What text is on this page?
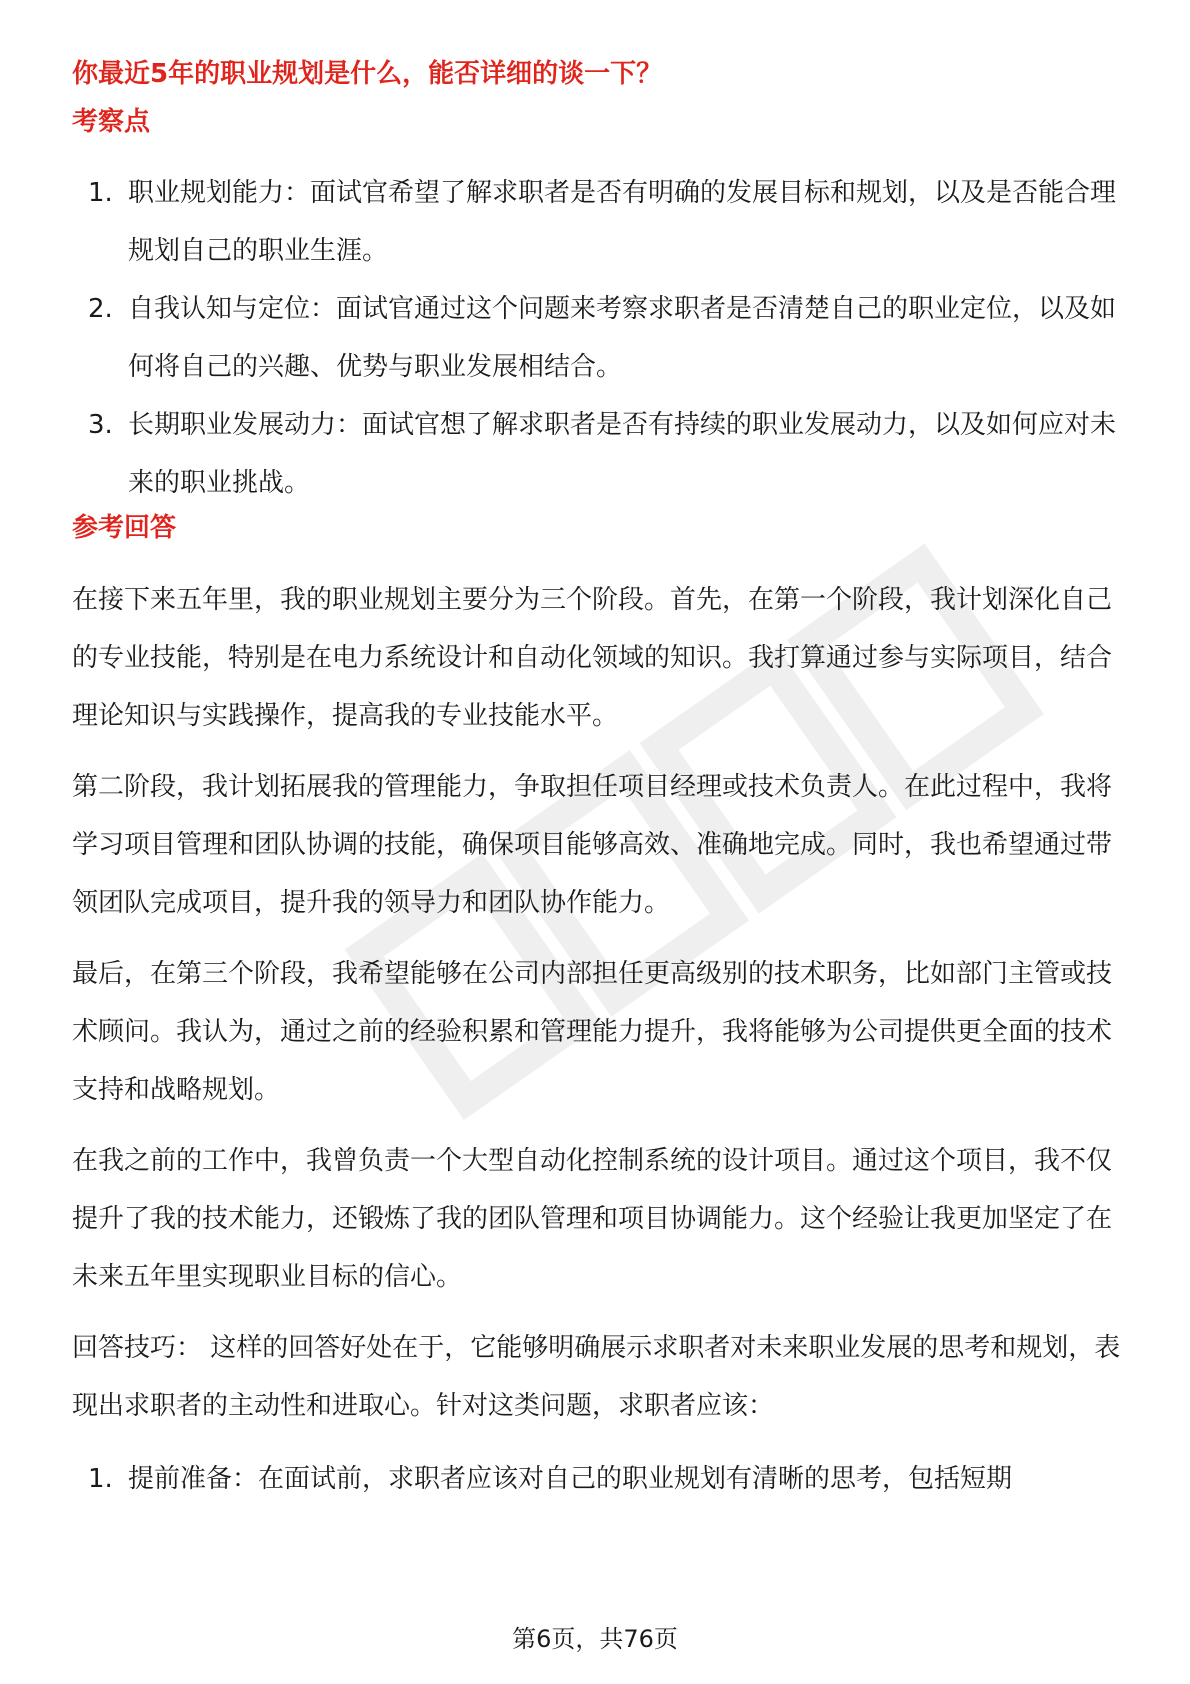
你最近5年的职业规划是什么，能否详细的谈一下？
考察点
1. 职业规划能力：面试官希望了解求职者是否有明确的发展目标和规划，以及是否能合理规划自己的职业生涯。
2. 自我认知与定位：面试官通过这个问题来考察求职者是否清楚自己的职业定位，以及如何将自己的兴趣、优势与职业发展相结合。
3. 长期职业发展动力：面试官想了解求职者是否有持续的职业发展动力，以及如何应对未来的职业挑战。
参考回答

在接下来五年里，我的职业规划主要分为三个阶段。首先，在第一个阶段，我计划深化自己的专业技能，特别是在电力系统设计和自动化领域的知识。我打算通过参与实际项目，结合理论知识与实践操作，提高我的专业技能水平。

第二阶段，我计划拓展我的管理能力，争取担任项目经理或技术负责人。在此过程中，我将学习项目管理和团队协调的技能，确保项目能够高效、准确地完成。同时，我也希望通过带领团队完成项目，提升我的领导力和团队协作能力。

最后，在第三个阶段，我希望能够在公司内部担任更高级别的技术职务，比如部门主管或技术顾问。我认为，通过之前的经验积累和管理能力提升，我将能够为公司提供更全面的技术支持和战略规划。

在我之前的工作中，我曾负责一个大型自动化控制系统的设计项目。通过这个项目，我不仅提升了我的技术能力，还锻炼了我的团队管理和项目协调能力。这个经验让我更加坚定了在未来五年里实现职业目标的信心。

回答技巧： 这样的回答好处在于，它能够明确展示求职者对未来职业发展的思考和规划，表现出求职者的主动性和进取心。针对这类问题，求职者应该：

1. 提前准备：在面试前，求职者应该对自己的职业规划有清晰的思考，包括短期
第6页，共76页
